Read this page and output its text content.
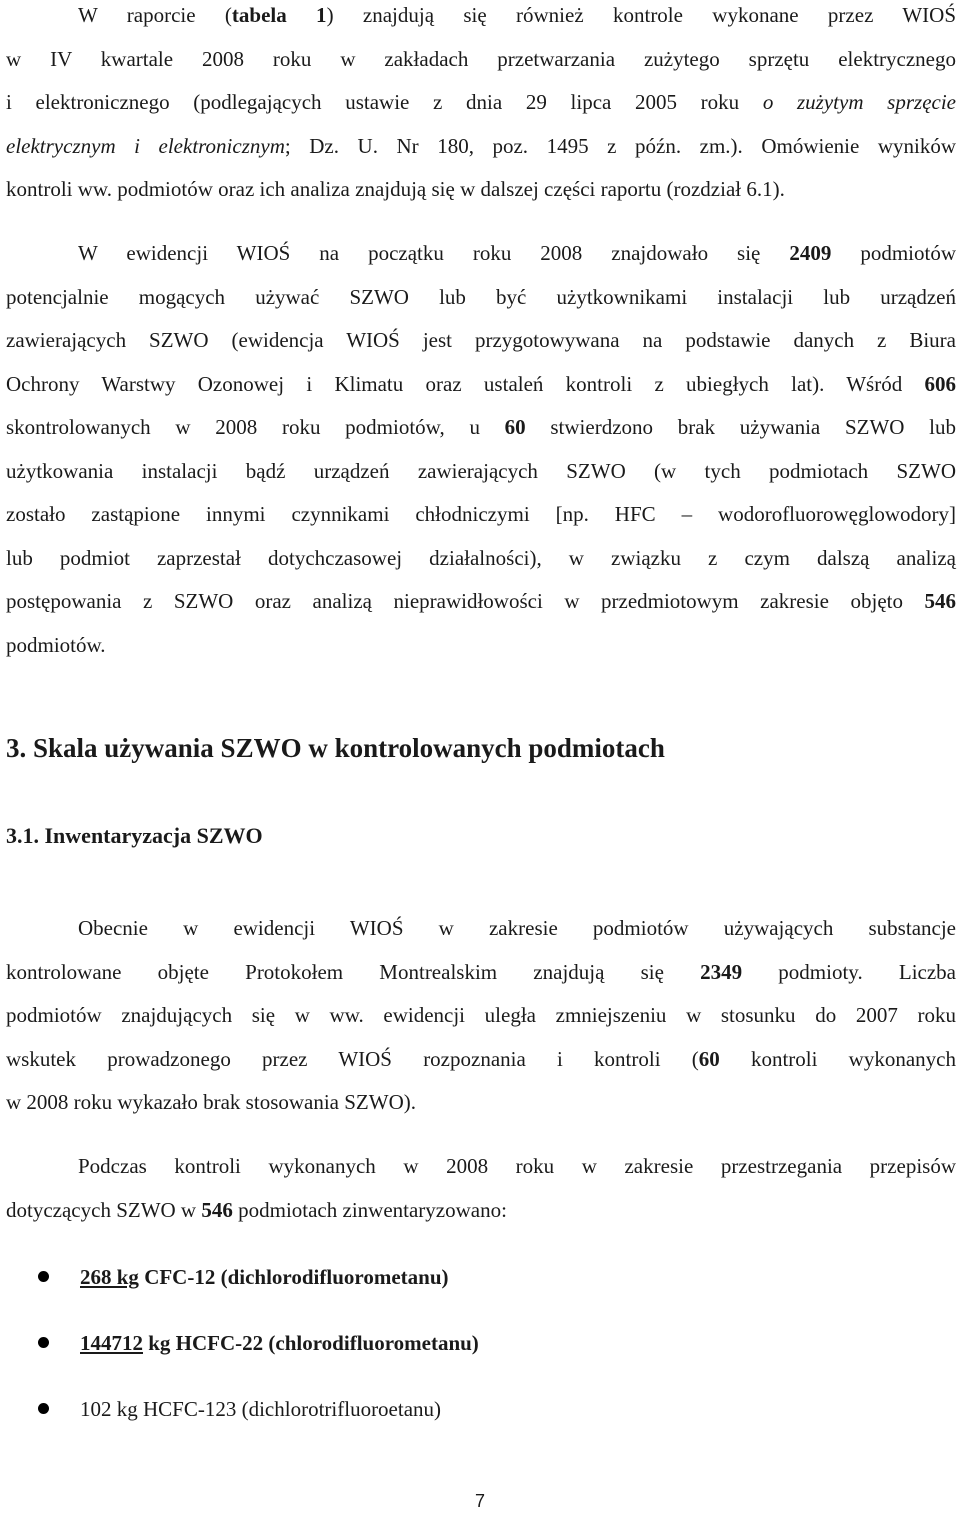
W raporcie (tabela 1) znajdują się również kontrole wykonane przez WIOŚ
w IV kwartale 2008 roku w zakładach przetwarzania zużytego sprzętu elektrycznego
i elektronicznego (podlegających ustawie z dnia 29 lipca 2005 roku o zużytym sprzęcie
elektrycznym i elektronicznym; Dz. U. Nr 180, poz. 1495 z późn. zm.). Omówienie wyników
kontroli ww. podmiotów oraz ich analiza znajdują się w dalszej części raportu (rozdział 6.1).
W ewidencji WIOŚ na początku roku 2008 znajdowało się 2409 podmiotów
potencjalnie mogących używać SZWO lub być użytkownikami instalacji lub urządzeń
zawierających SZWO (ewidencja WIOŚ jest przygotowywana na podstawie danych z Biura
Ochrony Warstwy Ozonowej i Klimatu oraz ustaleń kontroli z ubiegłych lat). Wśród 606
skontrolowanych w 2008 roku podmiotów, u 60 stwierdzono brak używania SZWO lub
użytkowania instalacji bądź urządzeń zawierających SZWO (w tych podmiotach SZWO
zostało zastąpione innymi czynnikami chłodniczymi [np. HFC – wodorofluorowęglowodory]
lub podmiot zaprzestał dotychczasowej działalności), w związku z czym dalszą analizą
postępowania z SZWO oraz analizą nieprawidłowości w przedmiotowym zakresie objęto 546
podmiotów.
3. Skala używania SZWO w kontrolowanych podmiotach
3.1. Inwentaryzacja SZWO
Obecnie w ewidencji WIOŚ w zakresie podmiotów używających substancje
kontrolowane objęte Protokołem Montrealskim znajdują się 2349 podmioty. Liczba
podmiotów znajdujących się w ww. ewidencji uległa zmniejszeniu w stosunku do 2007 roku
wskutek prowadzonego przez WIOŚ rozpoznania i kontroli (60 kontroli wykonanych
w 2008 roku wykazało brak stosowania SZWO).
Podczas kontroli wykonanych w 2008 roku w zakresie przestrzegania przepisów
dotyczących SZWO w 546 podmiotach zinwentaryzowano:
268 kg CFC-12 (dichlorodifluorometanu)
144712 kg HCFC-22 (chlorodifluorometanu)
102 kg HCFC-123 (dichlorotrifluoroetanu)
7
